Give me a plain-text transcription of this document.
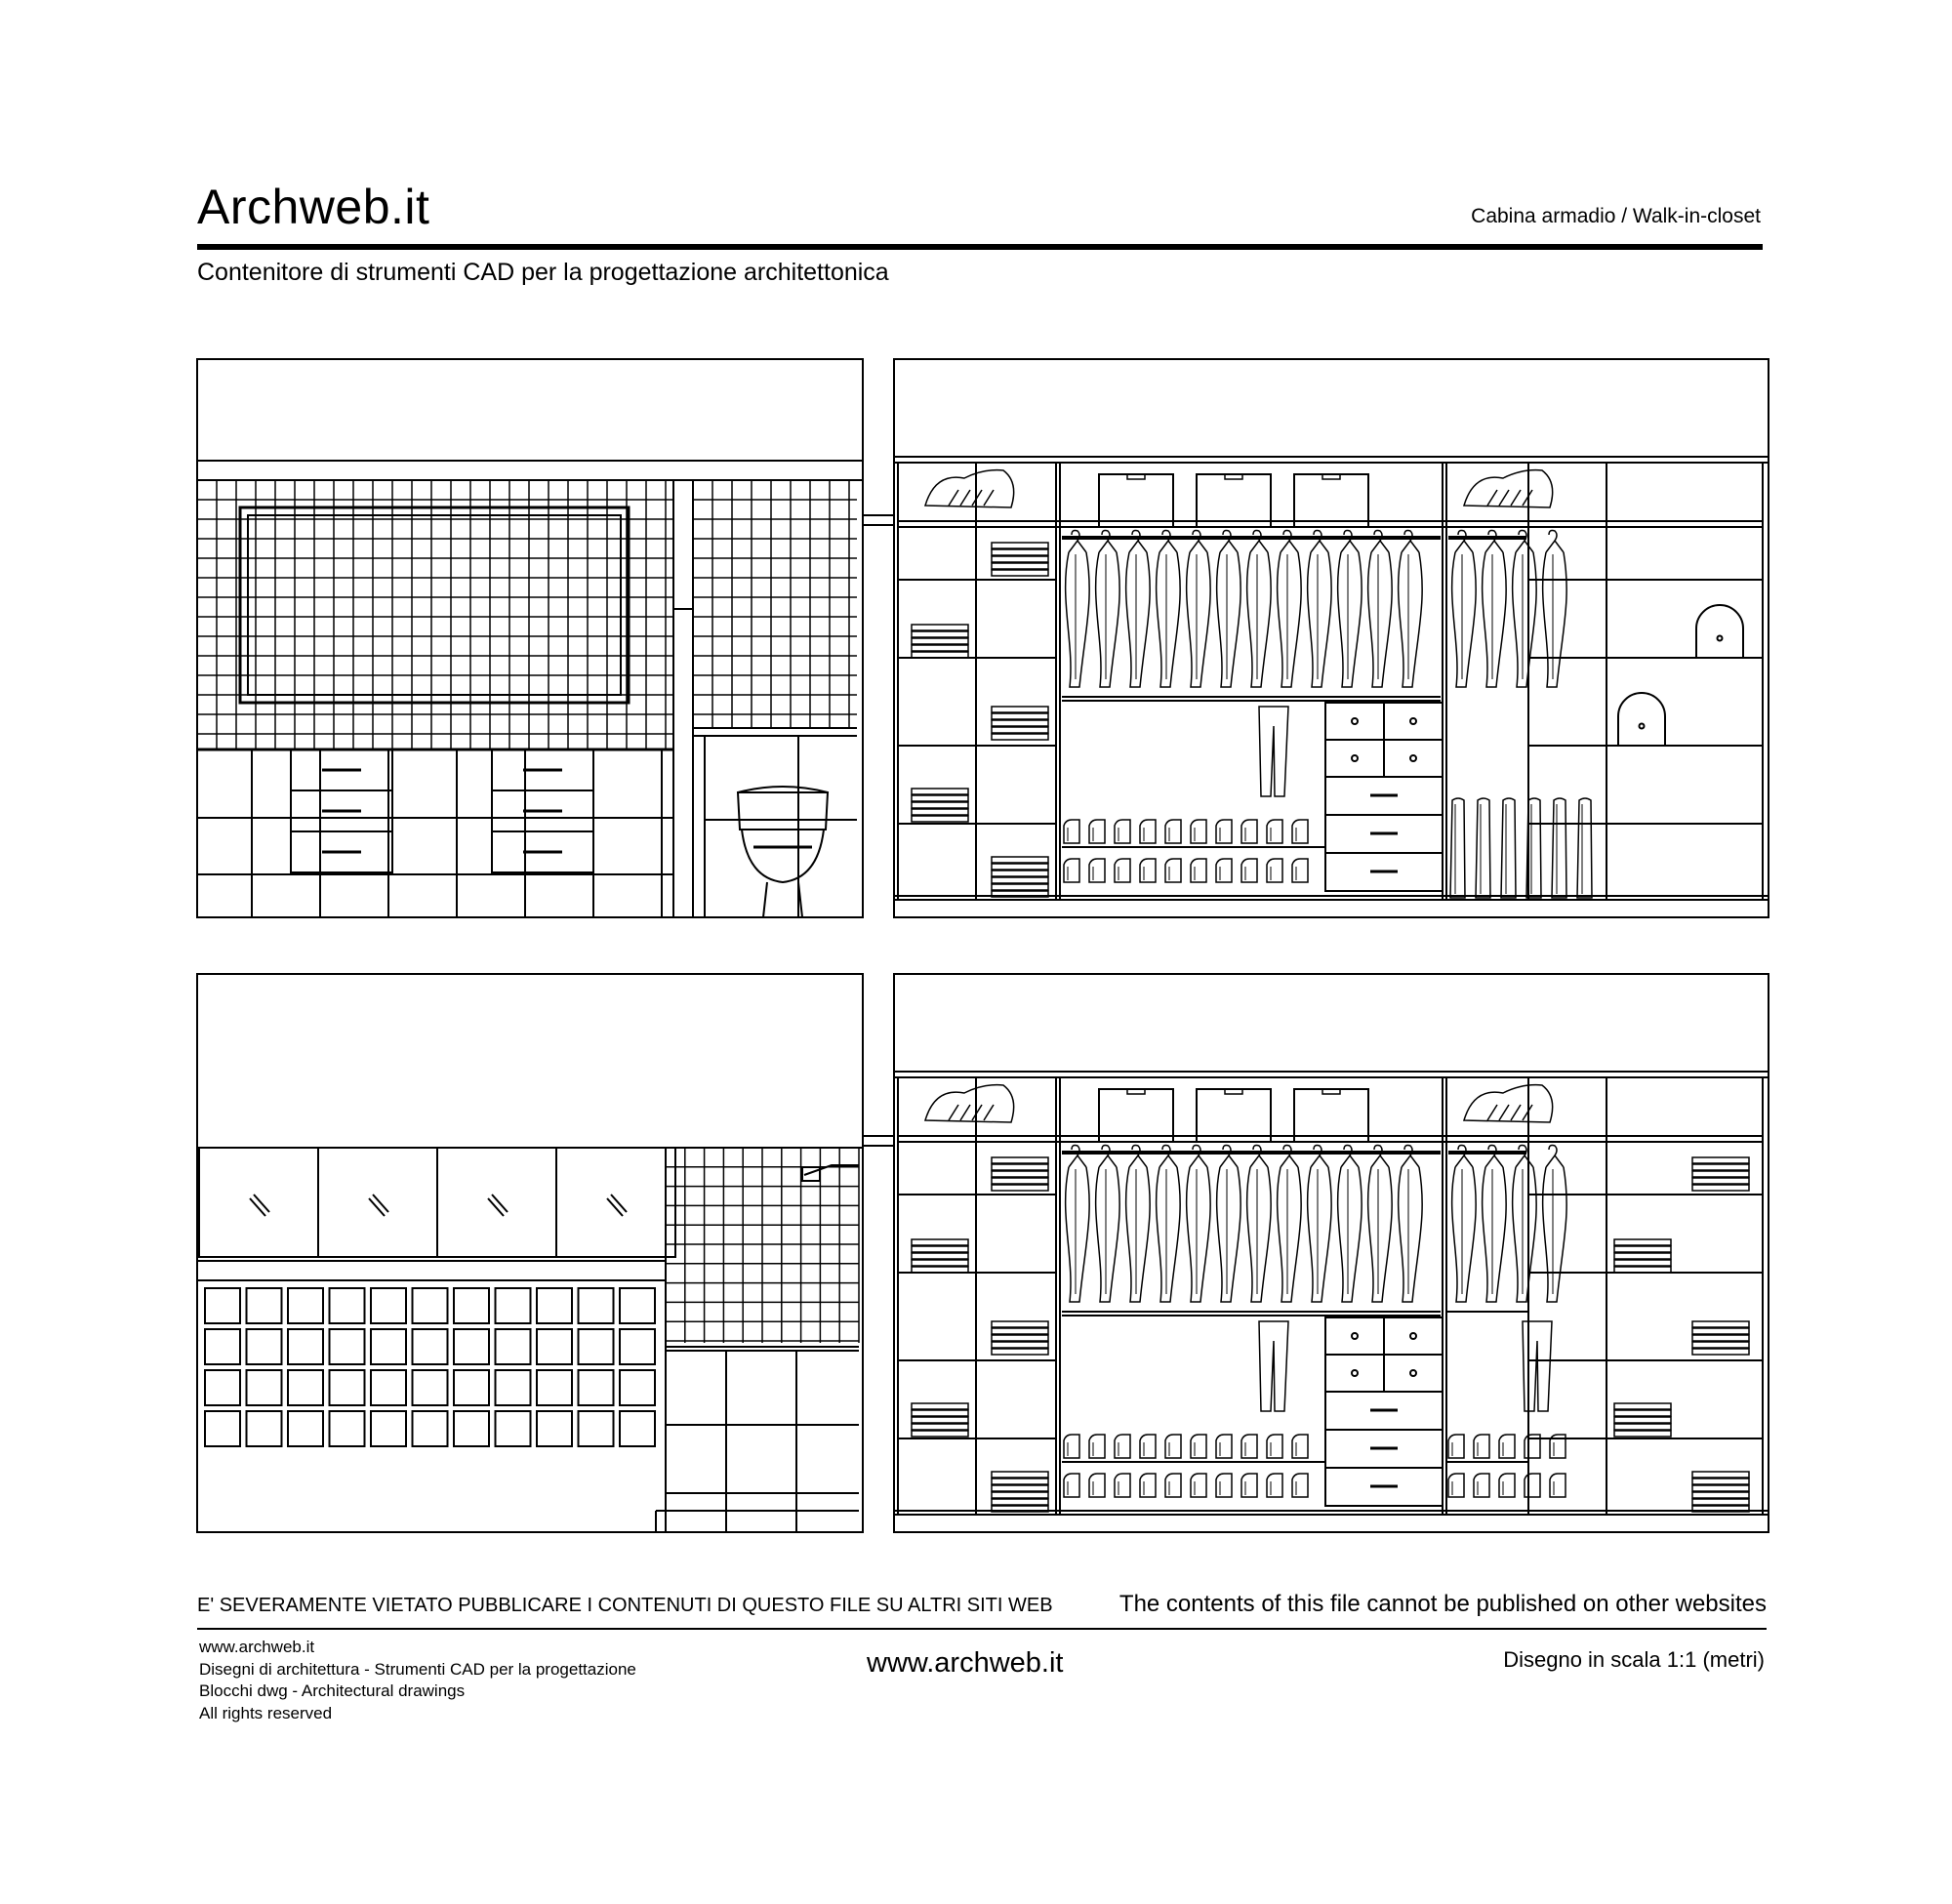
Archweb.it	Cabina armadio / Walk-in-closet
Contenitore di strumenti CAD per la progettazione architettonica
E' SEVERAMENTE VIETATO PUBBLICARE I CONTENUTI DI QUESTO FILE SU ALTRI SITI WEB	The contents of this file cannot be published on other websites
www.archweb.it
Disegni di architettura - Strumenti CAD per la progettazione
Blocchi dwg - Architectural drawings
All rights reserved
www.archweb.it	Disegno in scala 1:1 (metri)
